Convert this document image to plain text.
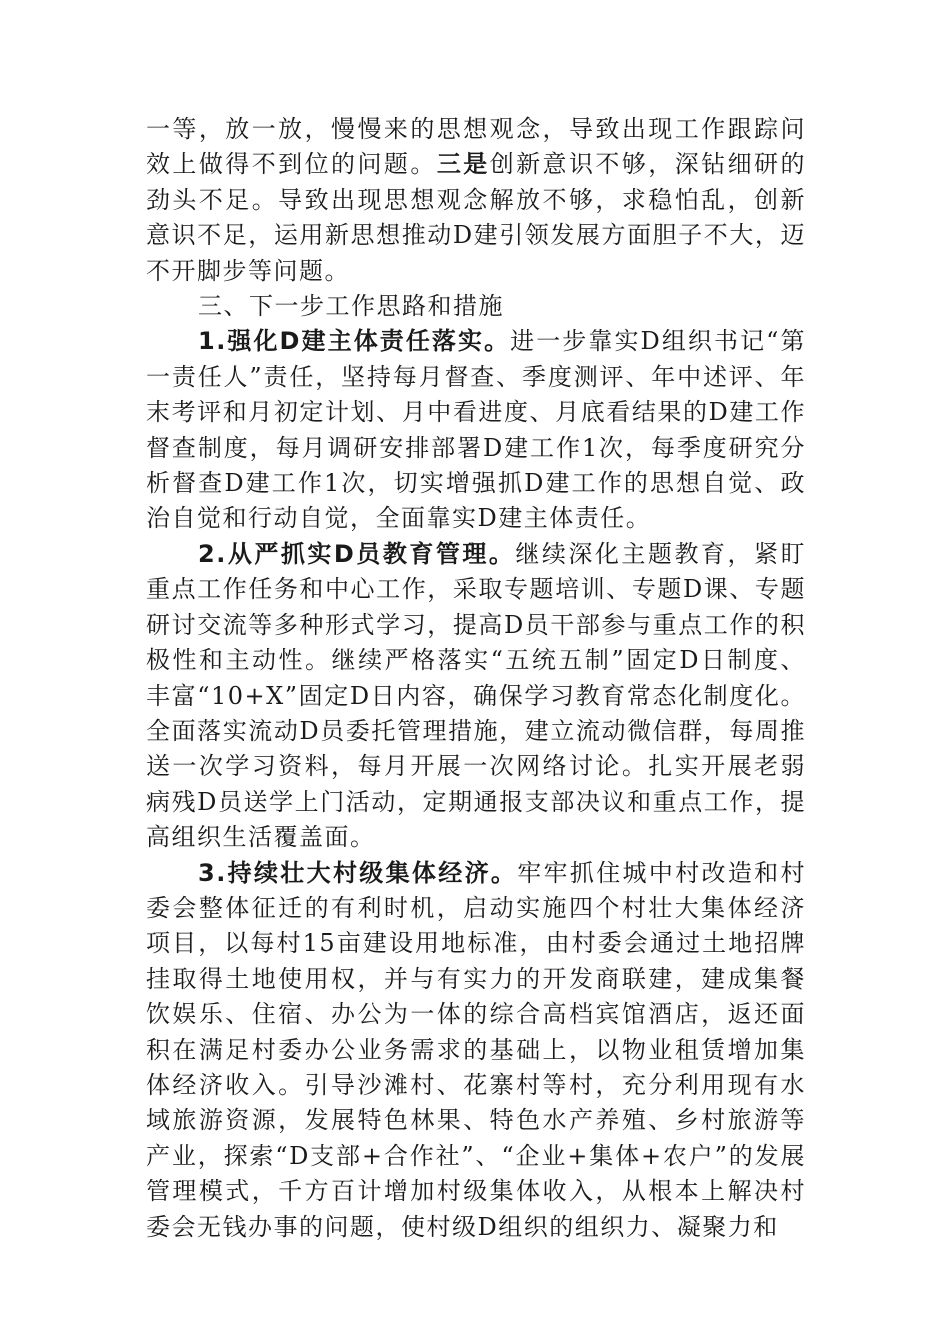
一等，放一放，慢慢来的思想观念，导致出现工作跟踪问效上做得不到位的问题。三是创新意识不够，深钻细研的劲头不足。导致出现思想观念解放不够，求稳怕乱，创新意识不足，运用新思想推动D建引领发展方面胆子不大，迈不开脚步等问题。

三、下一步工作思路和措施

1.强化D建主体责任落实。进一步靠实D组织书记“第一责任人”责任，坚持每月督查、季度测评、年中述评、年末考评和月初定计划、月中看进度、月底看结果的D建工作督查制度，每月调研安排部署D建工作1次，每季度研究分析督查D建工作1次，切实增强抓D建工作的思想自觉、政治自觉和行动自觉，全面靠实D建主体责任。

2.从严抓实D员教育管理。继续深化主题教育，紧盯重点工作任务和中心工作，采取专题培训、专题D课、专题研讨交流等多种形式学习，提高D员干部参与重点工作的积极性和主动性。继续严格落实“五统五制”固定D日制度、丰富“10+X”固定D日内容，确保学习教育常态化制度化。全面落实流动D员委托管理措施，建立流动微信群，每周推送一次学习资料，每月开展一次网络讨论。扎实开展老弱病残D员送学上门活动，定期通报支部决议和重点工作，提高组织生活覆盖面。

3.持续壮大村级集体经济。牢牢抓住城中村改造和村委会整体征迁的有利时机，启动实施四个村壮大集体经济项目，以每村15亩建设用地标准，由村委会通过土地招牌挂取得土地使用权，并与有实力的开发商联建，建成集餐饮娱乐、住宿、办公为一体的综合高档宾馆酒店，返还面积在满足村委办公业务需求的基础上，以物业租赁增加集体经济收入。引导沙滩村、花寨村等村，充分利用现有水域旅游资源，发展特色林果、特色水产养殖、乡村旅游等产业，探索“D支部+合作社”、“企业+集体+农户”的发展管理模式，千方百计增加村级集体收入，从根本上解决村委会无钱办事的问题，使村级D组织的组织力、凝聚力和
